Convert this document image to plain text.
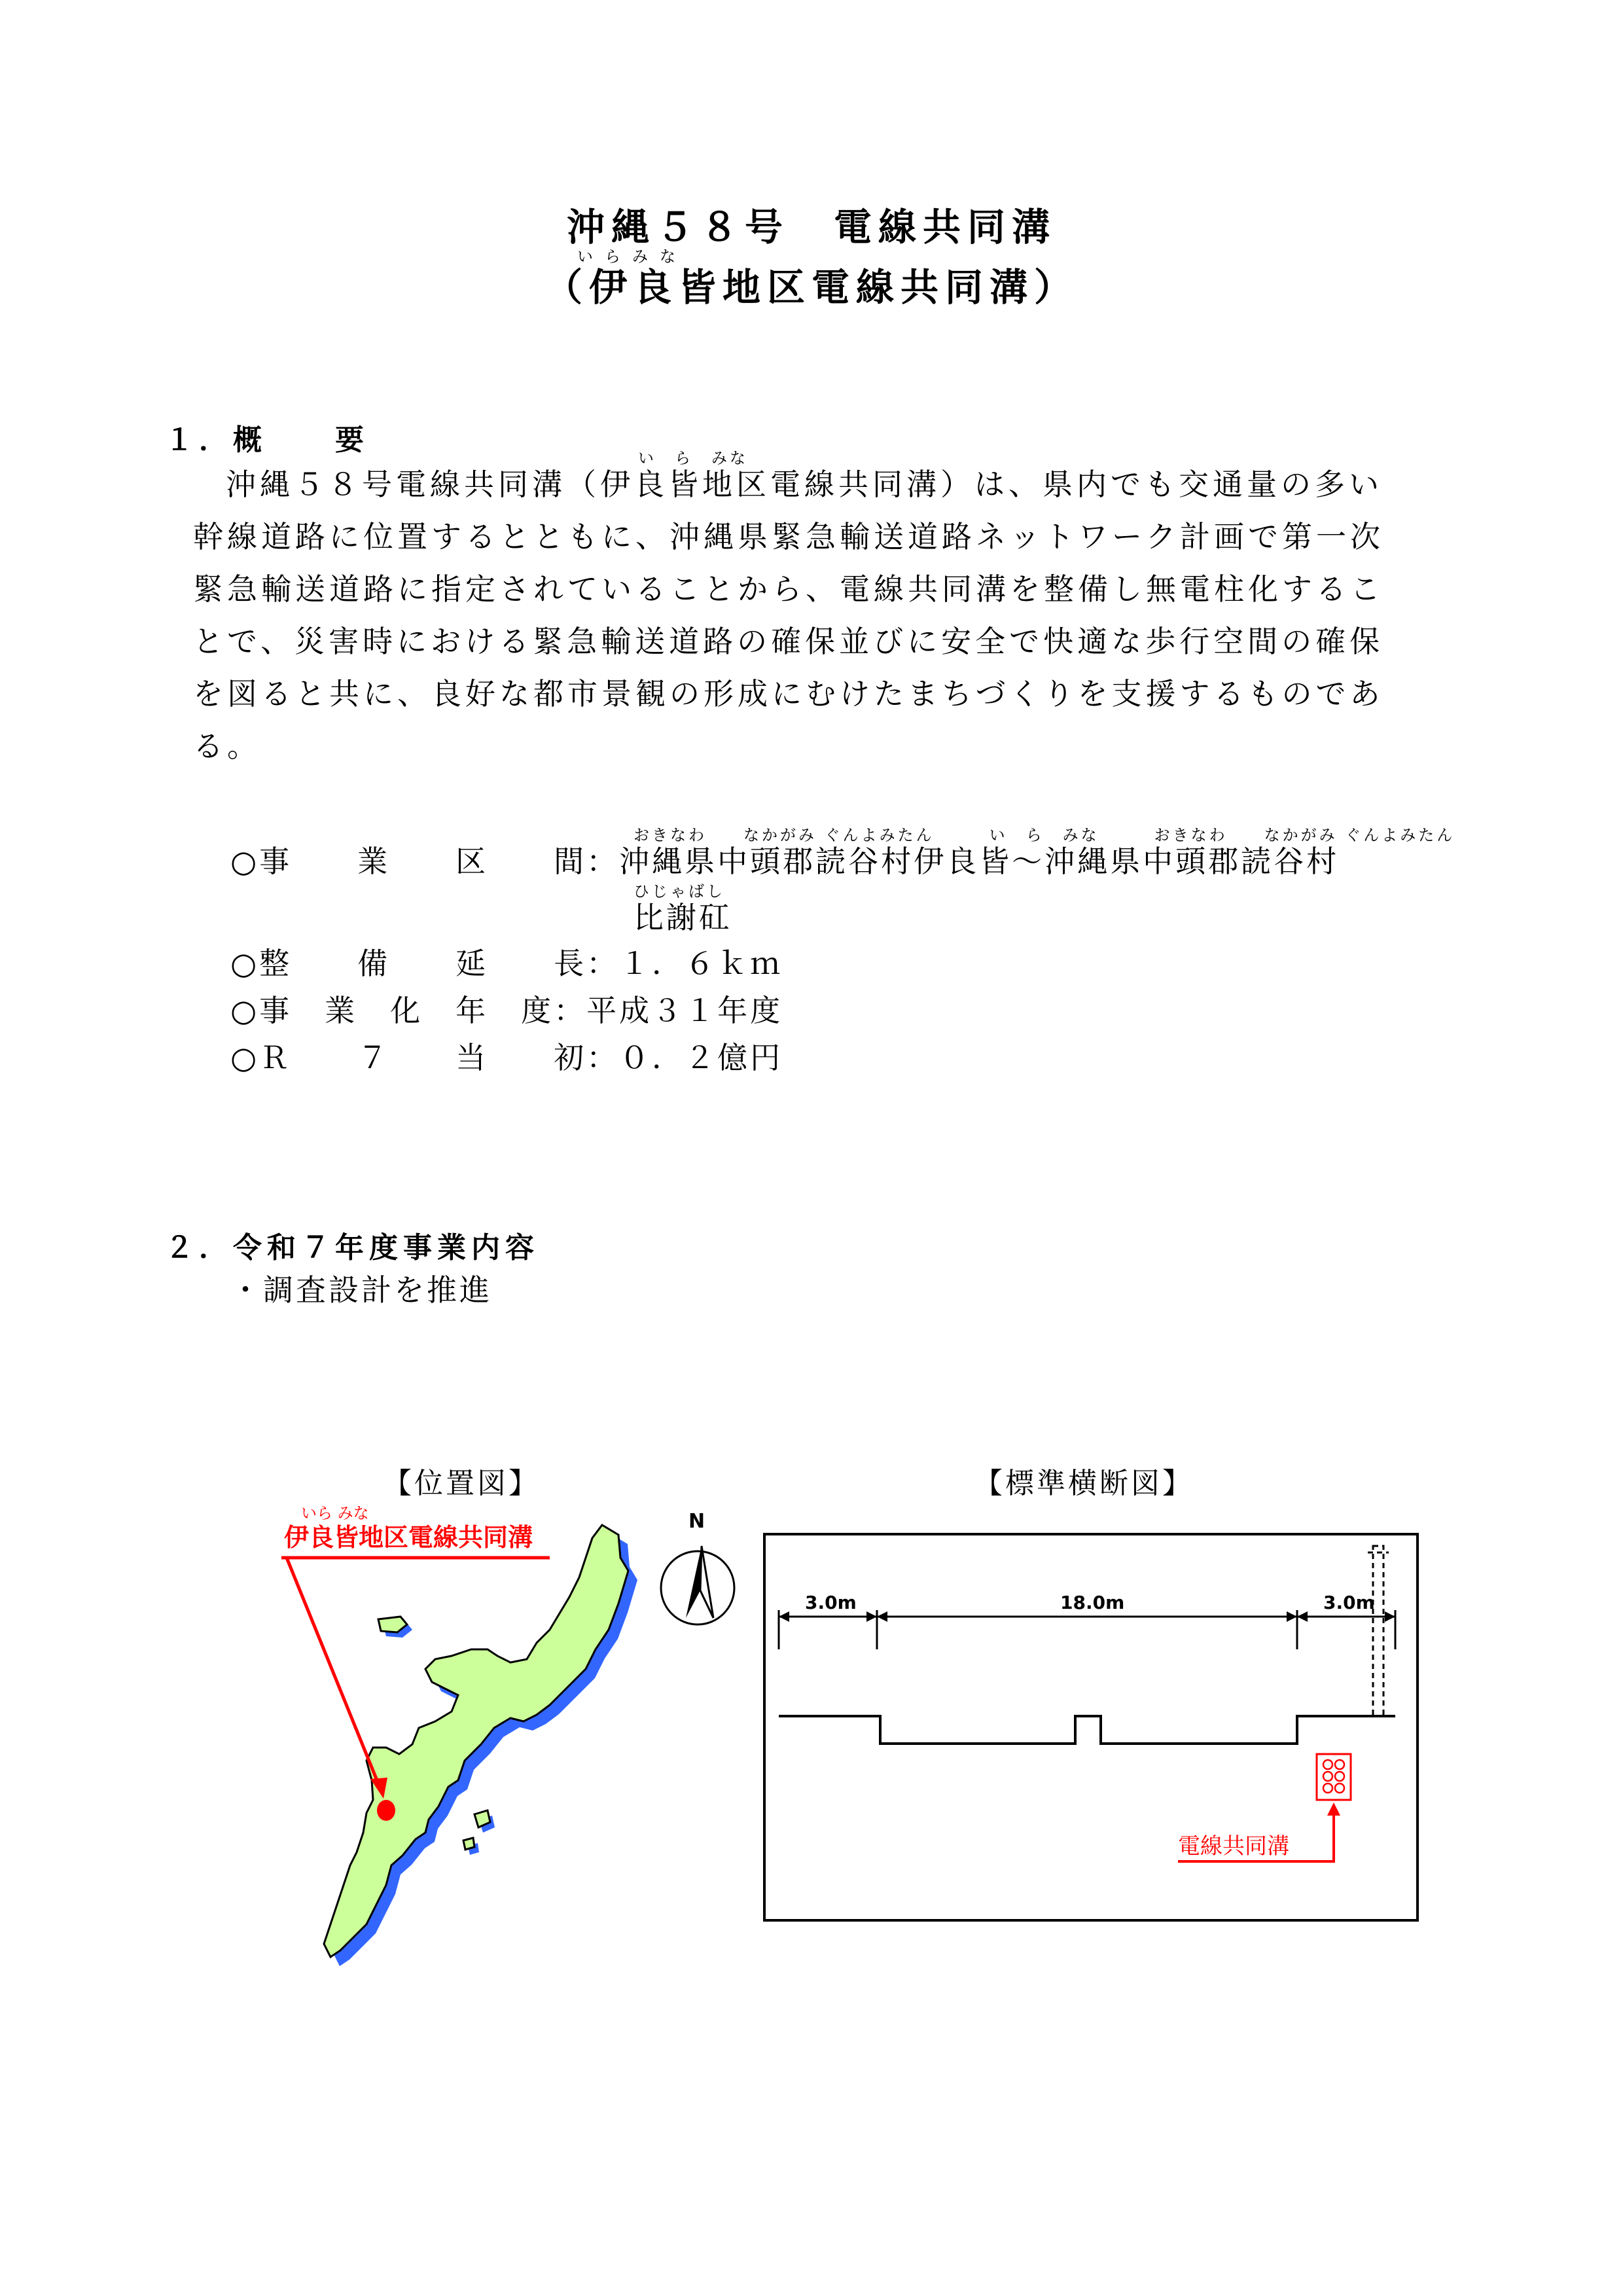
沖縄５８号　電線共同溝
いらみな
（伊良皆地区電線共同溝）
１．概　　要
い　ら　みな
沖縄５８号電線共同溝（伊良皆地区電線共同溝）は、県内でも交通量の多い
幹線道路に位置するとともに、沖縄県緊急輸送道路ネットワーク計画で第一次
緊急輸送道路に指定されていることから、電線共同溝を整備し無電柱化するこ
とで、災害時における緊急輸送道路の確保並びに安全で快適な歩行空間の確保
を図ると共に、良好な都市景観の形成にむけたまちづくりを支援するものであ
る。
おきなわ　　なかがみ ぐんよみたん　　　い　ら　みな　　　おきなわ　　なかがみ ぐんよみたん
○事　　業　　区　　間：沖縄県中頭郡読谷村伊良皆～沖縄県中頭郡読谷村
ひじゃばし
比謝矼
○整　　備　　延　　長：１．６ｋｍ
○事　業　化　年　度：平成３１年度
○Ｒ　　７　　当　　初：０．２億円
２．令和７年度事業内容
・調査設計を推進
【位置図】	【標準横断図】
いら みな
伊良皆地区電線共同溝
N
3.0m	18.0m	3.0m
電線共同溝
